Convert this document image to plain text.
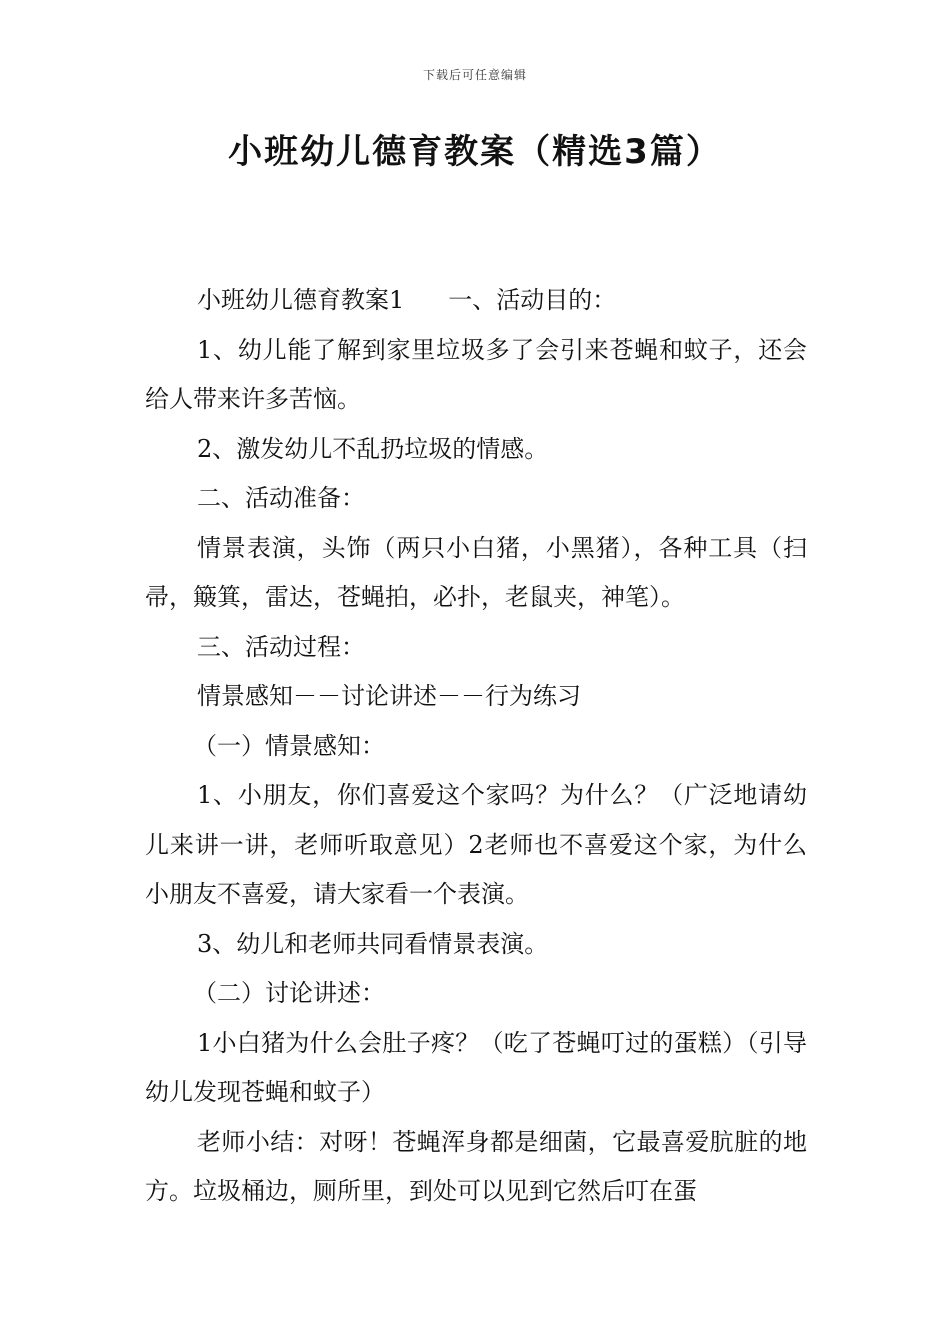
下载后可任意编辑
小班幼儿德育教案（精选3篇）

小班幼儿德育教案1 一、活动目的：

1、幼儿能了解到家里垃圾多了会引来苍蝇和蚊子，还会给人带来许多苦恼。

2、激发幼儿不乱扔垃圾的情感。

二、活动准备：

情景表演，头饰（两只小白猪，小黑猪），各种工具（扫帚，簸箕，雷达，苍蝇拍，必扑，老鼠夹，神笔）。

三、活动过程：

情景感知－－讨论讲述－－行为练习

（一）情景感知：

1、小朋友，你们喜爱这个家吗？为什么？（广泛地请幼儿来讲一讲，老师听取意见）2老师也不喜爱这个家，为什么小朋友不喜爱，请大家看一个表演。

3、幼儿和老师共同看情景表演。

（二）讨论讲述：

1小白猪为什么会肚子疼？（吃了苍蝇叮过的蛋糕）（引导幼儿发现苍蝇和蚊子）

老师小结：对呀！苍蝇浑身都是细菌，它最喜爱肮脏的地方。垃圾桶边，厕所里，到处可以见到它然后叮在蛋
